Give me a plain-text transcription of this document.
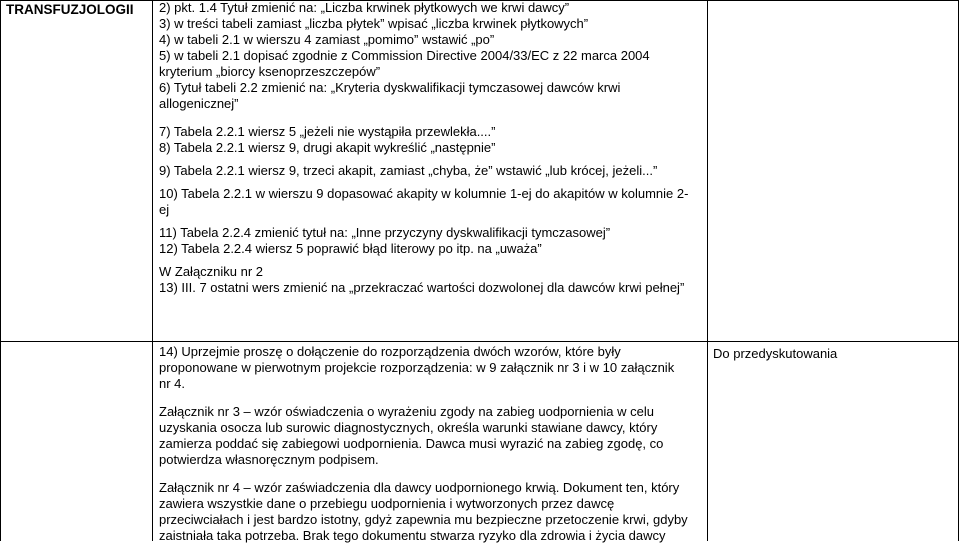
TRANSFUZJOLOGII	2) pkt. 1.4 Tytuł zmienić na: „Liczba krwinek płytkowych we krwi dawcy”
3) w treści tabeli zamiast „liczba płytek” wpisać „liczba krwinek płytkowych”
4) w tabeli 2.1 w wierszu 4 zamiast „pomimo” wstawić „po”
5) w tabeli 2.1 dopisać zgodnie z Commission Directive 2004/33/EC z 22 marca 2004
kryterium „biorcy ksenoprzeszczepów”
6) Tytuł tabeli 2.2 zmienić na: „Kryteria dyskwalifikacji tymczasowej dawców krwi
allogenicznej”
7) Tabela 2.2.1 wiersz 5 „jeżeli nie wystąpiła przewlekła....”
8) Tabela 2.2.1 wiersz 9, drugi akapit wykreślić „następnie”
9) Tabela 2.2.1 wiersz 9, trzeci akapit, zamiast „chyba, że” wstawić „lub krócej, jeżeli...”
10) Tabela 2.2.1 w wierszu 9 dopasować akapity w kolumnie 1-ej do akapitów w kolumnie 2-
ej
11) Tabela 2.2.4 zmienić tytuł na: „Inne przyczyny dyskwalifikacji tymczasowej”
12) Tabela 2.2.4 wiersz 5 poprawić błąd literowy po itp. na „uważa”
W Załączniku nr 2
13) III. 7 ostatni wers zmienić na „przekraczać wartości dozwolonej dla dawców krwi pełnej”
14) Uprzejmie proszę o dołączenie do rozporządzenia dwóch wzorów, które były
proponowane w pierwotnym projekcie rozporządzenia: w 9 załącznik nr 3 i w 10 załącznik
nr 4.
Załącznik nr 3 – wzór oświadczenia o wyrażeniu zgody na zabieg uodpornienia w celu
uzyskania osocza lub surowic diagnostycznych, określa warunki stawiane dawcy, który
zamierza poddać się zabiegowi uodpornienia. Dawca musi wyrazić na zabieg zgodę, co
potwierdza własnoręcznym podpisem.
Załącznik nr 4 – wzór zaświadczenia dla dawcy uodpornionego krwią. Dokument ten, który
zawiera wszystkie dane o przebiegu uodpornienia i wytworzonych przez dawcę
przeciwciałach i jest bardzo istotny, gdyż zapewnia mu bezpieczne przetoczenie krwi, gdyby
zaistniała taka potrzeba. Brak tego dokumentu stwarza ryzyko dla zdrowia i życia dawcy
Do przedyskutowania
